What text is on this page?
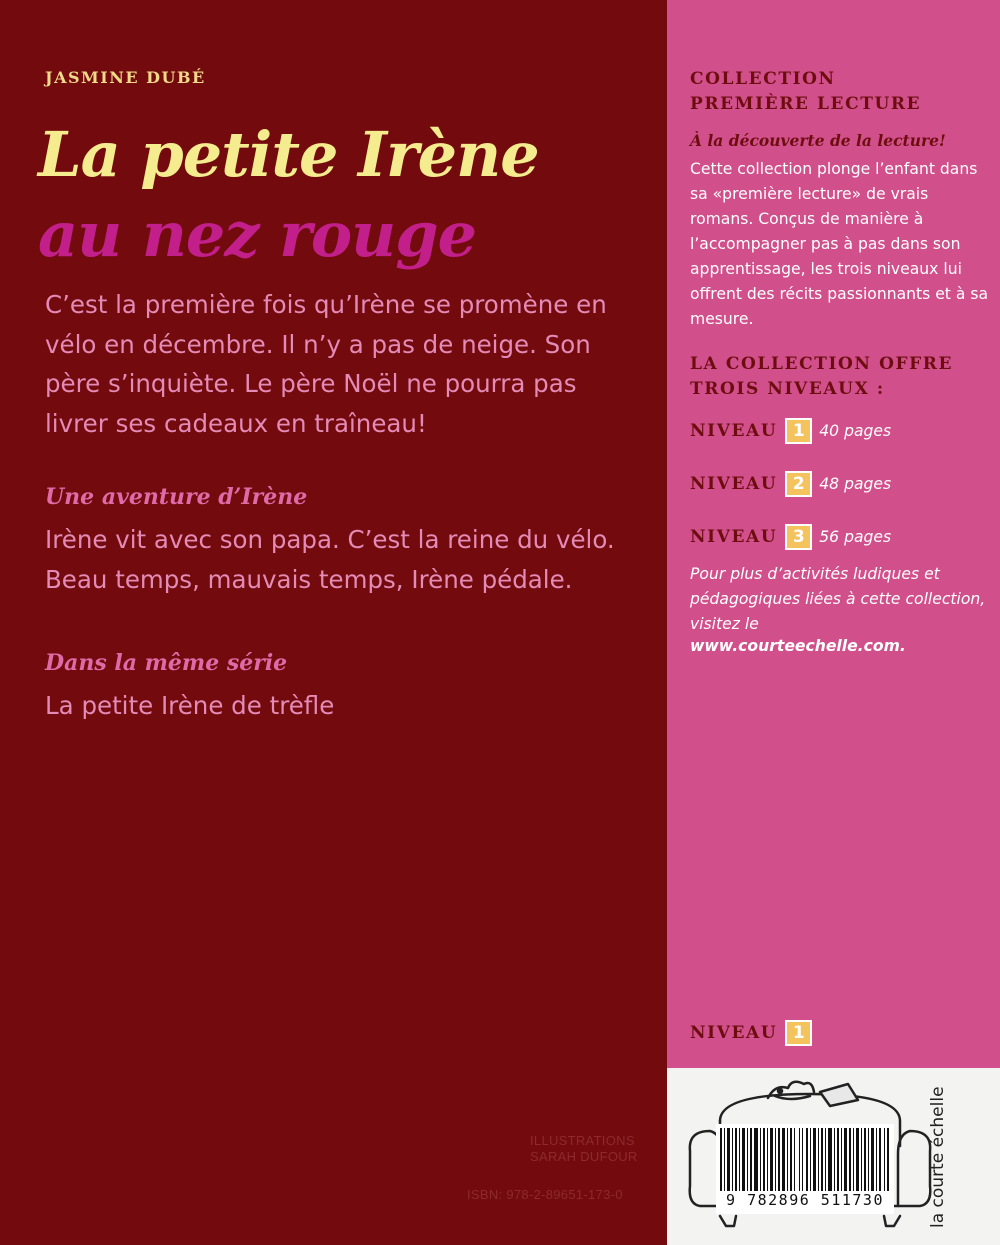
JASMINE DUBÉ
La petite Irène
au nez rouge
C’est la première fois qu’Irène se promène en vélo en décembre. Il n’y a pas de neige. Son père s’inquiète. Le père Noël ne pourra pas livrer ses cadeaux en traîneau!
Une aventure d’Irène
Irène vit avec son papa. C’est la reine du vélo. Beau temps, mauvais temps, Irène pédale.
Dans la même série
La petite Irène de trèfle
ILLUSTRATIONS
SARAH DUFOUR
ISBN: 978-2-89651-173-0
COLLECTION
PREMIÈRE LECTURE
À la découverte de la lecture!
Cette collection plonge l’enfant dans sa «première lecture» de vrais romans. Conçus de manière à l’accompagner pas à pas dans son apprentissage, les trois niveaux lui offrent des récits passionnants et à sa mesure.
LA COLLECTION OFFRE
TROIS NIVEAUX :
NIVEAU 1 40 pages
NIVEAU 2 48 pages
NIVEAU 3 56 pages
Pour plus d’activités ludiques et pédagogiques liées à cette collection, visitez le
www.courteechelle.com.
NIVEAU 1
9 782896 511730	la courte échelle
